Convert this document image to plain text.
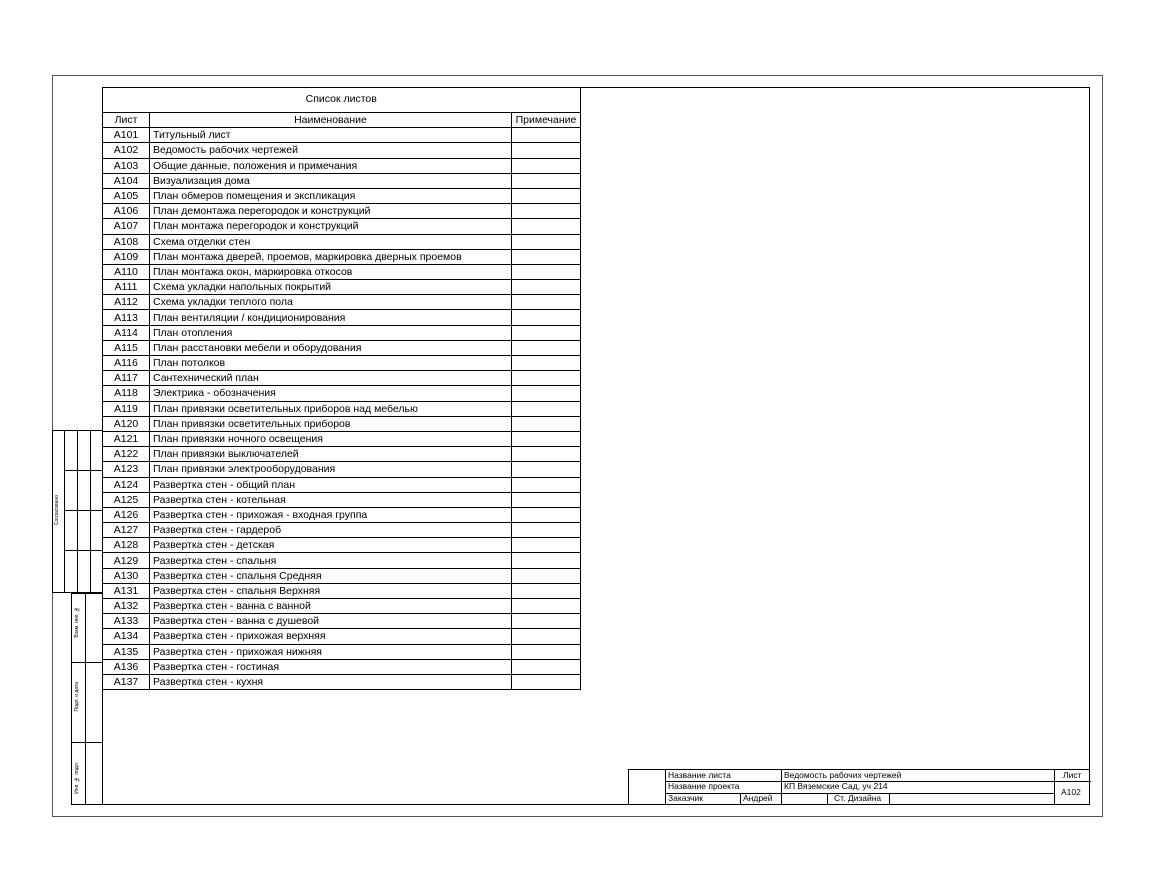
Список листов		
Лист	Наименование	Примечание
A101	Титульный лист	
A102	Ведомость рабочих чертежей	
A103	Общие данные, положения и примечания	
A104	Визуализация дома	
A105	План обмеров помещения и экспликация	
A106	План демонтажа перегородок и конструкций	
A107	План монтажа перегородок и конструкций	
A108	Схема отделки стен	
A109	План монтажа дверей, проемов, маркировка дверных проемов	
A110	План монтажа окон, маркировка откосов	
A111	Схема укладки напольных покрытий	
A112	Схема укладки теплого пола	
A113	План вентиляции / кондиционирования	
A114	План отопления	
A115	План расстановки мебели и оборудования	
A116	План потолков	
A117	Сантехнический план	
A118	Электрика - обозначения	
A119	План привязки осветительных приборов над мебелью	
A120	План привязки осветительных приборов	
A121	План привязки ночного освещения	
A122	План привязки выключателей	
A123	План привязки электрооборудования	
A124	Развертка стен - общий план	
A125	Развертка стен - котельная	
A126	Развертка стен - прихожая - входная группа	
A127	Развертка стен - гардероб	
A128	Развертка стен - детская	
A129	Развертка стен - спальня	
A130	Развертка стен - спальня Средняя	
A131	Развертка стен - спальня Верхняя	
A132	Развертка стен - ванна с ванной	
A133	Развертка стен - ванна с душевой	
A134	Развертка стен - прихожая верхняя	
A135	Развертка стен - прихожая нижняя	
A136	Развертка стен - гостиная	
A137	Развертка стен - кухня	
Согласовано
Взам. инв. №
Подп. и дата
Инв. № подл.	Название листа	Ведомость рабочих чертежей
Название проекта	КП Вяземские Сад, уч 214
Заказчик	Андрей	Ст. Дизайна
Лист
A102
